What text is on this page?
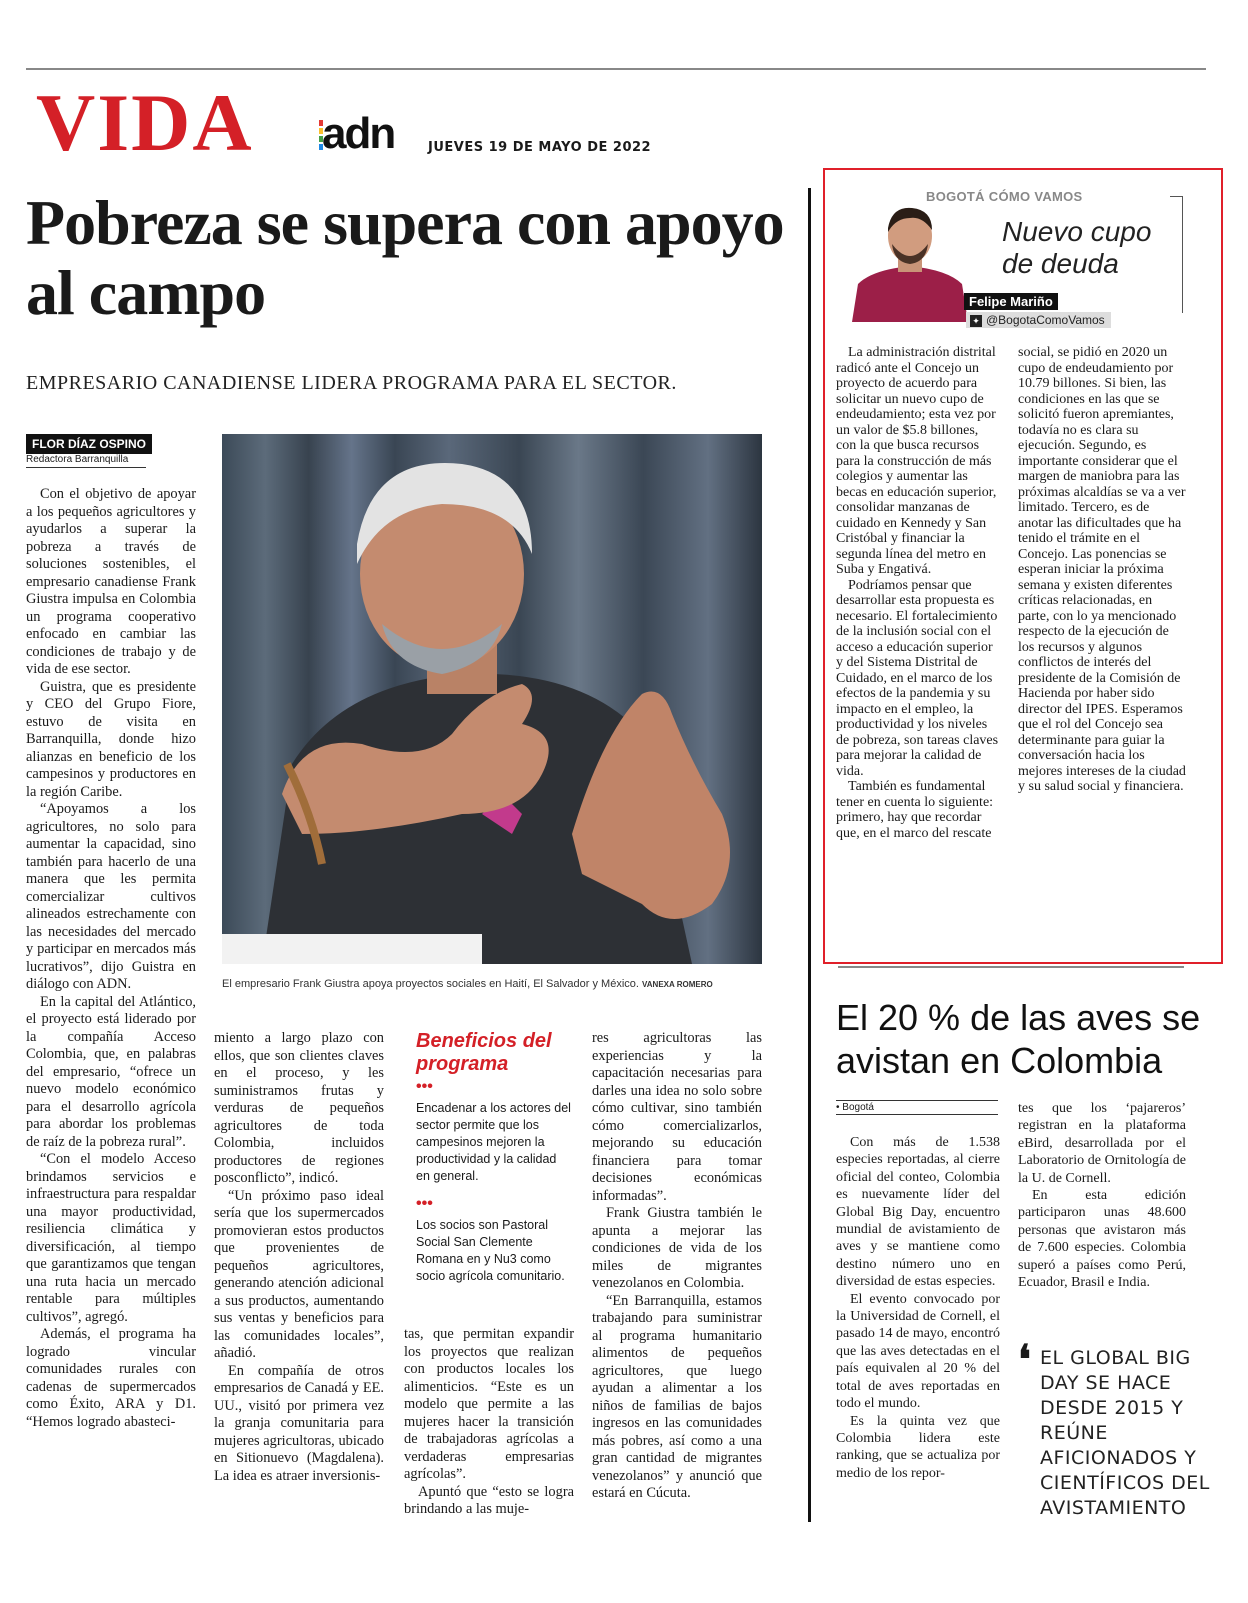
VIDA adn	JUEVES 19 DE MAYO DE 2022
Pobreza se supera con apoyo al campo
EMPRESARIO CANADIENSE LIDERA PROGRAMA PARA EL SECTOR.
FLOR DÍAZ OSPINO
Redactora Barranquilla

Con el objetivo de apoyar a los pequeños agricultores y ayudarlos a superar la pobreza a través de soluciones sostenibles, el empresario canadiense Frank Giustra impulsa en Colombia un programa cooperativo enfocado en cambiar las condiciones de trabajo y de vida de ese sector.

Guistra, que es presidente y CEO del Grupo Fiore, estuvo de visita en Barranquilla, donde hizo alianzas en beneficio de los campesinos y productores en la región Caribe.

“Apoyamos a los agricultores, no solo para aumentar la capacidad, sino también para hacerlo de una manera que les permita comercializar cultivos alineados estrechamente con las necesidades del mercado y participar en mercados más lucrativos”, dijo Guistra en diálogo con ADN.

En la capital del Atlántico, el proyecto está liderado por la compañía Acceso Colombia, que, en palabras del empresario, “ofrece un nuevo modelo económico para el desarrollo agrícola para abordar los problemas de raíz de la pobreza rural”.

“Con el modelo Acceso brindamos servicios e infraestructura para respaldar una mayor productividad, resiliencia climática y diversificación, al tiempo que garantizamos que tengan una ruta hacia un mercado rentable para múltiples cultivos”, agregó.

Además, el programa ha logrado vincular comunidades rurales con cadenas de supermercados como Éxito, ARA y D1. “Hemos logrado abasteci-

El empresario Frank Giustra apoya proyectos sociales en Haití, El Salvador y México. VANEXA ROMERO

miento a largo plazo con ellos, que son clientes claves en el proceso, y les suministramos frutas y verduras de pequeños agricultores de toda Colombia, incluidos productores de regiones posconflicto”, indicó.

“Un próximo paso ideal sería que los supermercados promovieran estos productos que provenientes de pequeños agricultores, generando atención adicional a sus productos, aumentando sus ventas y beneficios para las comunidades locales”, añadió.

En compañía de otros empresarios de Canadá y EE. UU., visitó por primera vez la granja comunitaria para mujeres agricultoras, ubicado en Sitionuevo (Magdalena). La idea es atraer inversionis-

Beneficios del programa
•••
Encadenar a los actores del sector permite que los campesinos mejoren la productividad y la calidad en general.
•••
Los socios son Pastoral Social San Clemente Romana en y Nu3 como socio agrícola comunitario.

tas, que permitan expandir los proyectos que realizan con productos locales los alimenticios. “Este es un modelo que permite a las mujeres hacer la transición de trabajadoras agrícolas a verdaderas empresarias agrícolas”.

Apuntó que “esto se logra brindando a las muje-

res agricultoras las experiencias y la capacitación necesarias para darles una idea no solo sobre cómo cultivar, sino también cómo comercializarlos, mejorando su educación financiera para tomar decisiones económicas informadas”.

Frank Giustra también le apunta a mejorar las condiciones de vida de los miles de migrantes venezolanos en Colombia.

“En Barranquilla, estamos trabajando para suministrar al programa humanitario alimentos de pequeños agricultores, que luego ayudan a alimentar a los niños de familias de bajos ingresos en las comunidades más pobres, así como a una gran cantidad de migrantes venezolanos” y anunció que estará en Cúcuta.

BOGOTÁ CÓMO VAMOS
Nuevo cupo de deuda
Felipe Mariño
✦ @BogotaComoVamos

La administración distrital radicó ante el Concejo un proyecto de acuerdo para solicitar un nuevo cupo de endeudamiento; esta vez por un valor de $5.8 billones, con la que busca recursos para la construcción de más colegios y aumentar las becas en educación superior, consolidar manzanas de cuidado en Kennedy y San Cristóbal y financiar la segunda línea del metro en Suba y Engativá.

Podríamos pensar que desarrollar esta propuesta es necesario. El fortalecimiento de la inclusión social con el acceso a educación superior y del Sistema Distrital de Cuidado, en el marco de los efectos de la pandemia y su impacto en el empleo, la productividad y los niveles de pobreza, son tareas claves para mejorar la calidad de vida.

También es fundamental tener en cuenta lo siguiente: primero, hay que recordar que, en el marco del rescate

social, se pidió en 2020 un cupo de endeudamiento por 10.79 billones. Si bien, las condiciones en las que se solicitó fueron apremiantes, todavía no es clara su ejecución. Segundo, es importante considerar que el margen de maniobra para las próximas alcaldías se va a ver limitado. Tercero, es de anotar las dificultades que ha tenido el trámite en el Concejo. Las ponencias se esperan iniciar la próxima semana y existen diferentes críticas relacionadas, en parte, con lo ya mencionado respecto de la ejecución de los recursos y algunos conflictos de interés del presidente de la Comisión de Hacienda por haber sido director del IPES. Esperamos que el rol del Concejo sea determinante para guiar la conversación hacia los mejores intereses de la ciudad y su salud social y financiera.

El 20 % de las aves se avistan en Colombia
• Bogotá

Con más de 1.538 especies reportadas, al cierre oficial del conteo, Colombia es nuevamente líder del Global Big Day, encuentro mundial de avistamiento de aves y se mantiene como destino número uno en diversidad de estas especies.

El evento convocado por la Universidad de Cornell, el pasado 14 de mayo, encontró que las aves detectadas en el país equivalen al 20 % del total de aves reportadas en todo el mundo.

Es la quinta vez que Colombia lidera este ranking, que se actualiza por medio de los repor-

tes que los ‘pajareros’ registran en la plataforma eBird, desarrollada por el Laboratorio de Ornitología de la U. de Cornell.

En esta edición participaron unas 48.600 personas que avistaron más de 7.600 especies. Colombia superó a países como Perú, Ecuador, Brasil e India.

❛ EL GLOBAL BIG DAY SE HACE DESDE 2015 Y REÚNE AFICIONADOS Y CIENTÍFICOS DEL AVISTAMIENTO
